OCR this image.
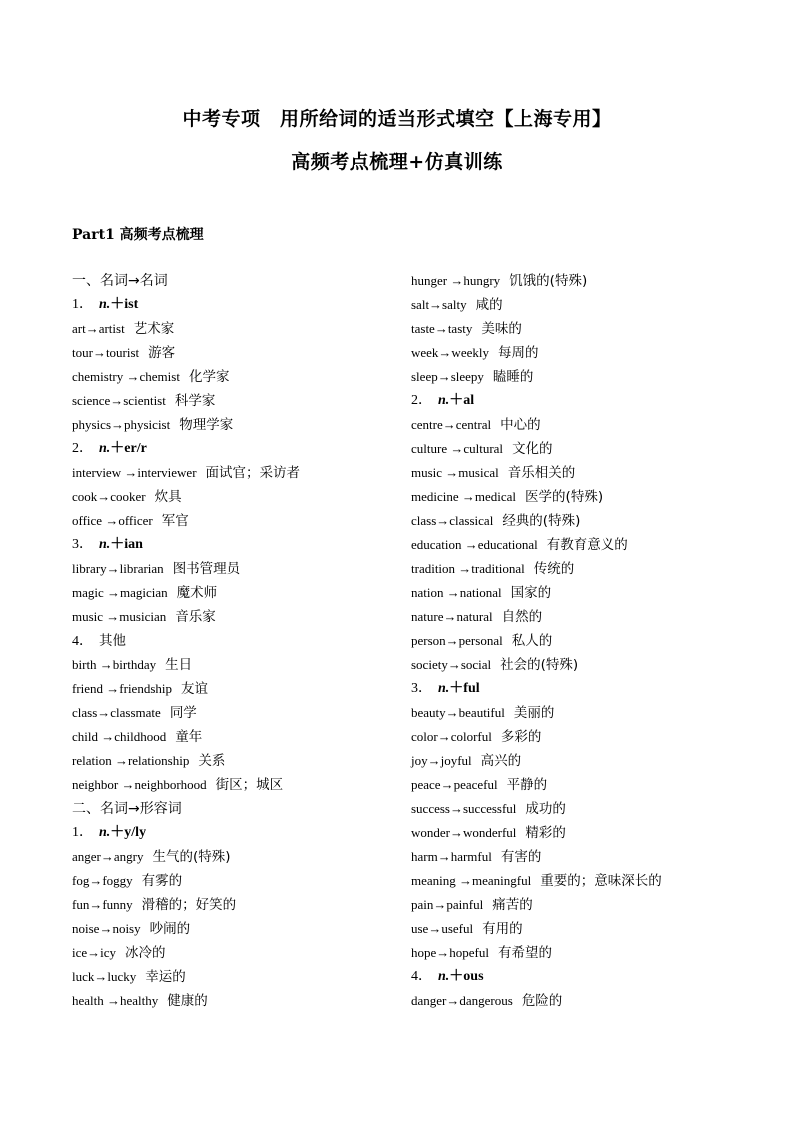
中考专项　用所给词的适当形式填空【上海专用】
高频考点梳理+仿真训练
Part1 高频考点梳理
一、名词→名词
1． n.＋ist
art→artist 艺术家
tour→tourist 游客
chemistry →chemist 化学家
science→scientist 科学家
physics→physicist 物理学家
2． n.＋er/r
interview →interviewer 面试官；采访者
cook→cooker 炊具
office →officer 军官
3． n.＋ian
library→librarian 图书管理员
magic →magician 魔术师
music →musician 音乐家
4． 其他
birth →birthday 生日
friend →friendship 友谊
class→classmate 同学
child →childhood 童年
relation →relationship 关系
neighbor →neighborhood 街区；城区
二、名词→形容词
1． n.＋y/ly
anger→angry 生气的(特殊)
fog→foggy 有雾的
fun→funny 滑稽的；好笑的
noise→noisy 吵闹的
ice→icy 冰冷的
luck→lucky 幸运的
health →healthy 健康的
hunger →hungry 饥饿的(特殊)
salt→salty 咸的
taste→tasty 美味的
week→weekly 每周的
sleep→sleepy 瞌睡的
2． n.＋al
centre→central 中心的
culture →cultural 文化的
music →musical 音乐相关的
medicine →medical 医学的(特殊)
class→classical 经典的(特殊)
education →educational 有教育意义的
tradition →traditional 传统的
nation →national 国家的
nature→natural 自然的
person→personal 私人的
society→social 社会的(特殊)
3． n.＋ful
beauty→beautiful 美丽的
color→colorful 多彩的
joy→joyful 高兴的
peace→peaceful 平静的
success→successful 成功的
wonder→wonderful 精彩的
harm→harmful 有害的
meaning →meaningful 重要的；意味深长的
pain→painful 痛苦的
use→useful 有用的
hope→hopeful 有希望的
4． n.＋ous
danger→dangerous 危险的
